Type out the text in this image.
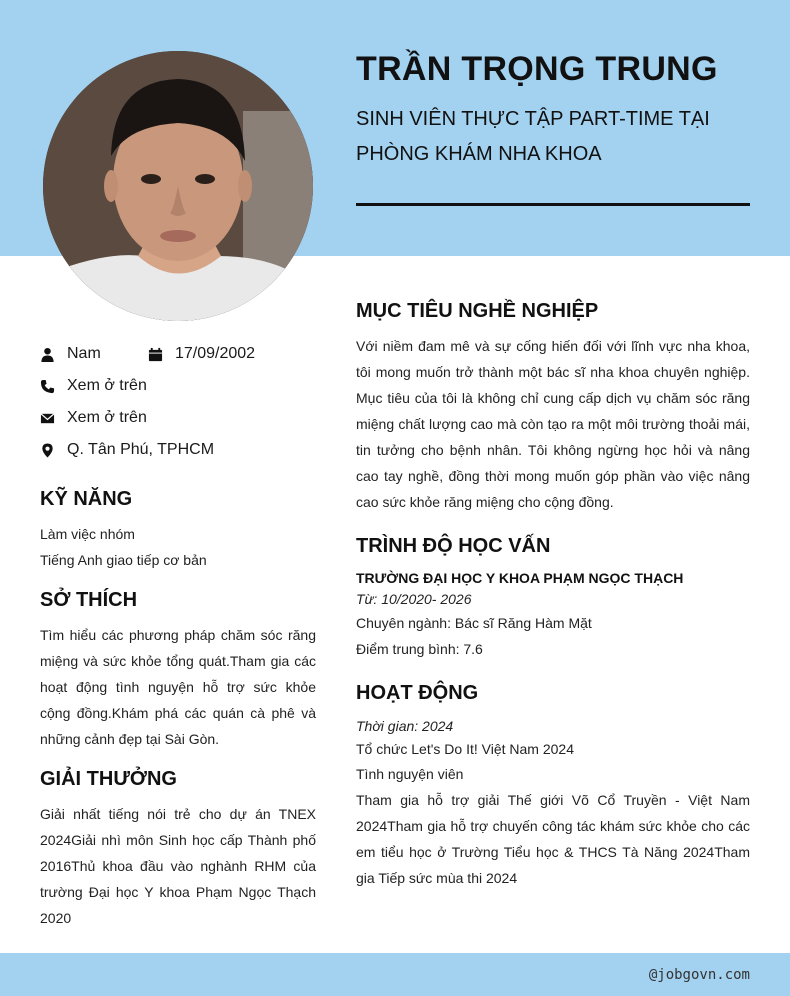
TRẦN TRỌNG TRUNG
SINH VIÊN THỰC TẬP PART-TIME TẠI PHÒNG KHÁM NHA KHOA
Nam	17/09/2002
Xem ở trên
Xem ở trên
Q. Tân Phú, TPHCM
KỸ NĂNG
Làm việc nhóm
Tiếng Anh giao tiếp cơ bản
SỞ THÍCH
Tìm hiểu các phương pháp chăm sóc răng miệng và sức khỏe tổng quát.Tham gia các hoạt động tình nguyện hỗ trợ sức khỏe cộng đồng.Khám phá các quán cà phê và những cảnh đẹp tại Sài Gòn.
GIẢI THƯỞNG
Giải nhất tiếng nói trẻ cho dự án TNEX 2024Giải nhì môn Sinh học cấp Thành phố 2016Thủ khoa đầu vào nghành RHM của trường Đại học Y khoa Phạm Ngọc Thạch 2020
MỤC TIÊU NGHỀ NGHIỆP
Với niềm đam mê và sự cống hiến đối với lĩnh vực nha khoa, tôi mong muốn trở thành một bác sĩ nha khoa chuyên nghiệp. Mục tiêu của tôi là không chỉ cung cấp dịch vụ chăm sóc răng miệng chất lượng cao mà còn tạo ra một môi trường thoải mái, tin tưởng cho bệnh nhân. Tôi không ngừng học hỏi và nâng cao tay nghề, đồng thời mong muốn góp phần vào việc nâng cao sức khỏe răng miệng cho cộng đồng.
TRÌNH ĐỘ HỌC VẤN
TRƯỜNG ĐẠI HỌC Y KHOA PHẠM NGỌC THẠCH
Từ: 10/2020- 2026
Chuyên ngành: Bác sĩ Răng Hàm Mặt
Điểm trung bình: 7.6
HOẠT ĐỘNG
Thời gian: 2024
Tổ chức Let's Do It! Việt Nam 2024
Tình nguyện viên
Tham gia hỗ trợ giải Thế giới Võ Cổ Truyền - Việt Nam 2024Tham gia hỗ trợ chuyến công tác khám sức khỏe cho các em tiểu học ở Trường Tiểu học & THCS Tà Năng 2024Tham gia Tiếp sức mùa thi 2024
@jobgovn.com
